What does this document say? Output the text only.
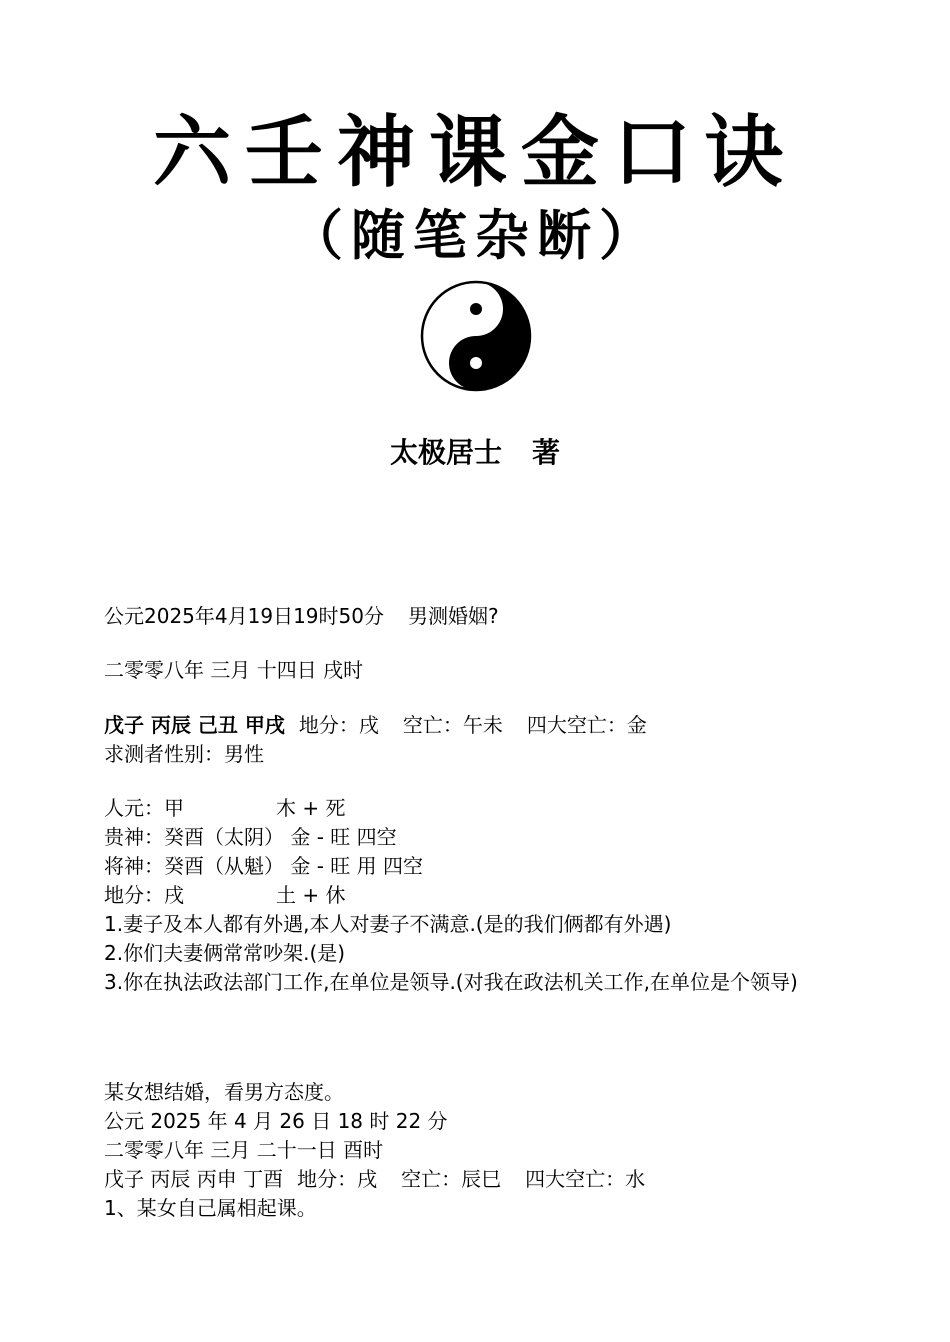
六壬神课金口诀
（随笔杂断）
太极居士 著
公元2025年4月19日19时50分 男测婚姻?
二零零八年 三月 十四日 戌时
戊子 丙辰 己丑 甲戌 地分：戌 空亡：午未 四大空亡：金
求测者性别：男性
人元：甲	木 + 死
贵神：癸酉（太阴） 金 - 旺 四空
将神：癸酉（从魁） 金 - 旺 用 四空
地分：戌	土 + 休
1.妻子及本人都有外遇,本人对妻子不满意.(是的我们俩都有外遇)
2.你们夫妻俩常常吵架.(是)
3.你在执法政法部门工作,在单位是领导.(对我在政法机关工作,在单位是个领导)
某女想结婚，看男方态度。
公元 2025 年 4 月 26 日 18 时 22 分
二零零八年 三月 二十一日 酉时
戊子 丙辰 丙申 丁酉 地分：戌 空亡：辰巳 四大空亡：水
1、某女自己属相起课。
